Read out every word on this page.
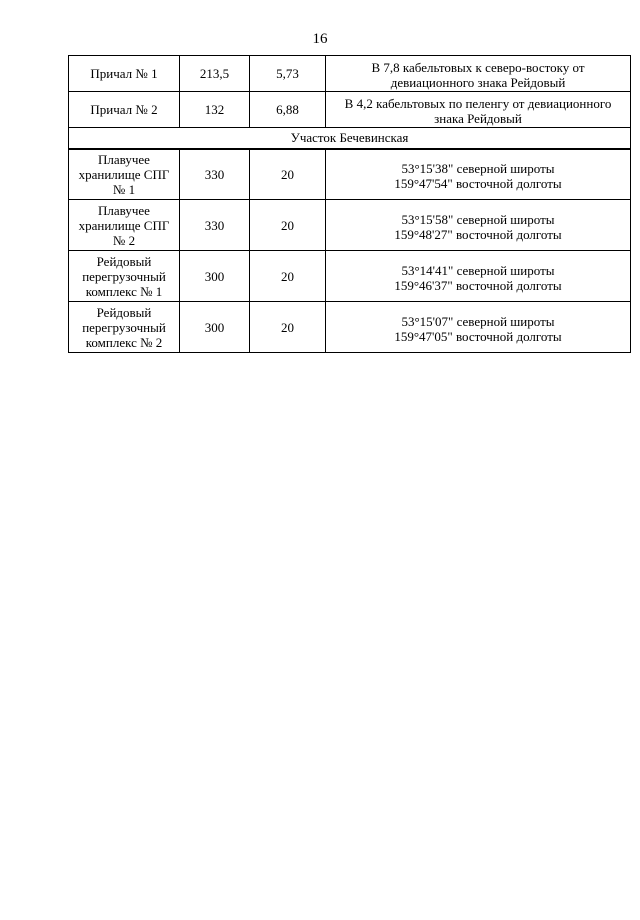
16
Причал № 1	213,5	5,73	В 7,8 кабельтовых к северо-востоку от
девиационного знака Рейдовый

Причал № 2	132	6,88	В 4,2 кабельтовых по пеленгу от девиационного
знака Рейдовый

Участок Бечевинская			

Плавучее
хранилище СПГ
№ 1	330	20	53°15'38" северной широты
159°47'54" восточной долготы

Плавучее
хранилище СПГ
№ 2	330	20	53°15'58" северной широты
159°48'27" восточной долготы

Рейдовый
перегрузочный
комплекс № 1	300	20	53°14'41" северной широты
159°46'37" восточной долготы

Рейдовый
перегрузочный
комплекс № 2	300	20	53°15'07" северной широты
159°47'05" восточной долготы
